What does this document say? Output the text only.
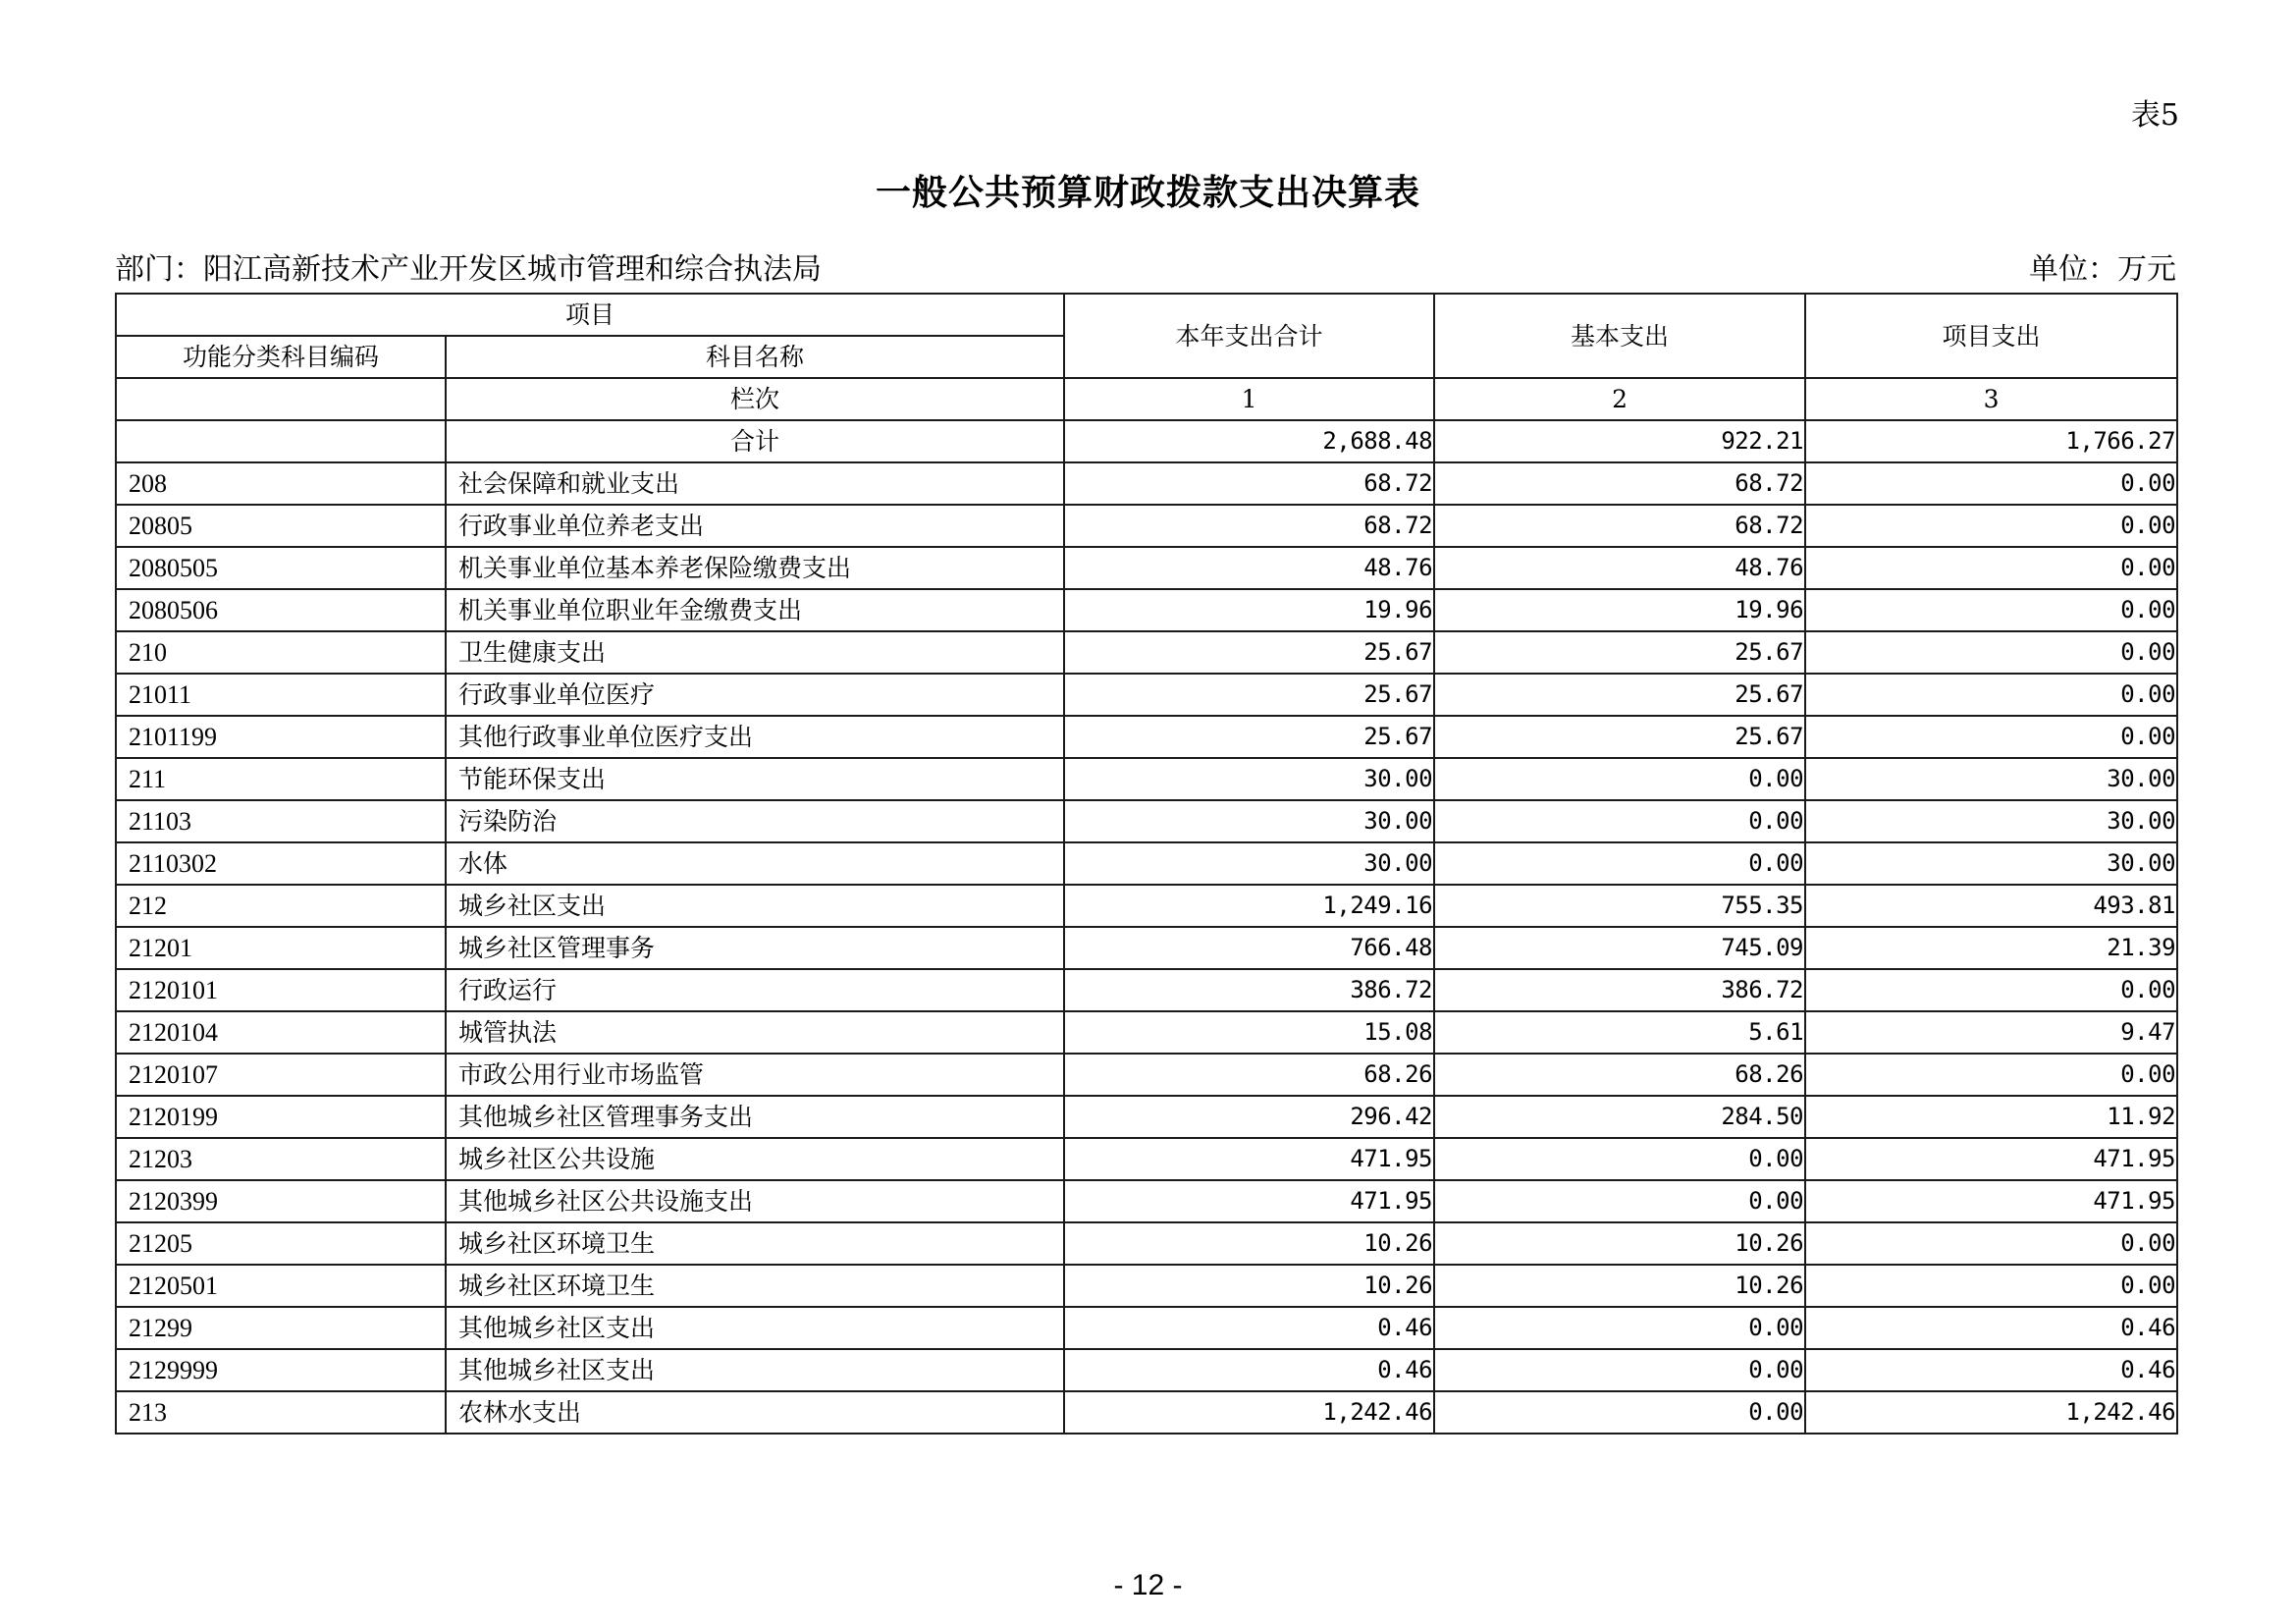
表5
一般公共预算财政拨款支出决算表
部门：阳江高新技术产业开发区城市管理和综合执法局	单位：万元
项目		本年支出合计	基本支出	项目支出
功能分类科目编码	科目名称			
	栏次	1	2	3
	合计	2,688.48	922.21	1,766.27
208	社会保障和就业支出	68.72	68.72	0.00
20805	行政事业单位养老支出	68.72	68.72	0.00
2080505	机关事业单位基本养老保险缴费支出	48.76	48.76	0.00
2080506	机关事业单位职业年金缴费支出	19.96	19.96	0.00
210	卫生健康支出	25.67	25.67	0.00
21011	行政事业单位医疗	25.67	25.67	0.00
2101199	其他行政事业单位医疗支出	25.67	25.67	0.00
211	节能环保支出	30.00	0.00	30.00
21103	污染防治	30.00	0.00	30.00
2110302	水体	30.00	0.00	30.00
212	城乡社区支出	1,249.16	755.35	493.81
21201	城乡社区管理事务	766.48	745.09	21.39
2120101	行政运行	386.72	386.72	0.00
2120104	城管执法	15.08	5.61	9.47
2120107	市政公用行业市场监管	68.26	68.26	0.00
2120199	其他城乡社区管理事务支出	296.42	284.50	11.92
21203	城乡社区公共设施	471.95	0.00	471.95
2120399	其他城乡社区公共设施支出	471.95	0.00	471.95
21205	城乡社区环境卫生	10.26	10.26	0.00
2120501	城乡社区环境卫生	10.26	10.26	0.00
21299	其他城乡社区支出	0.46	0.00	0.46
2129999	其他城乡社区支出	0.46	0.00	0.46
213	农林水支出	1,242.46	0.00	1,242.46
- 12 -
